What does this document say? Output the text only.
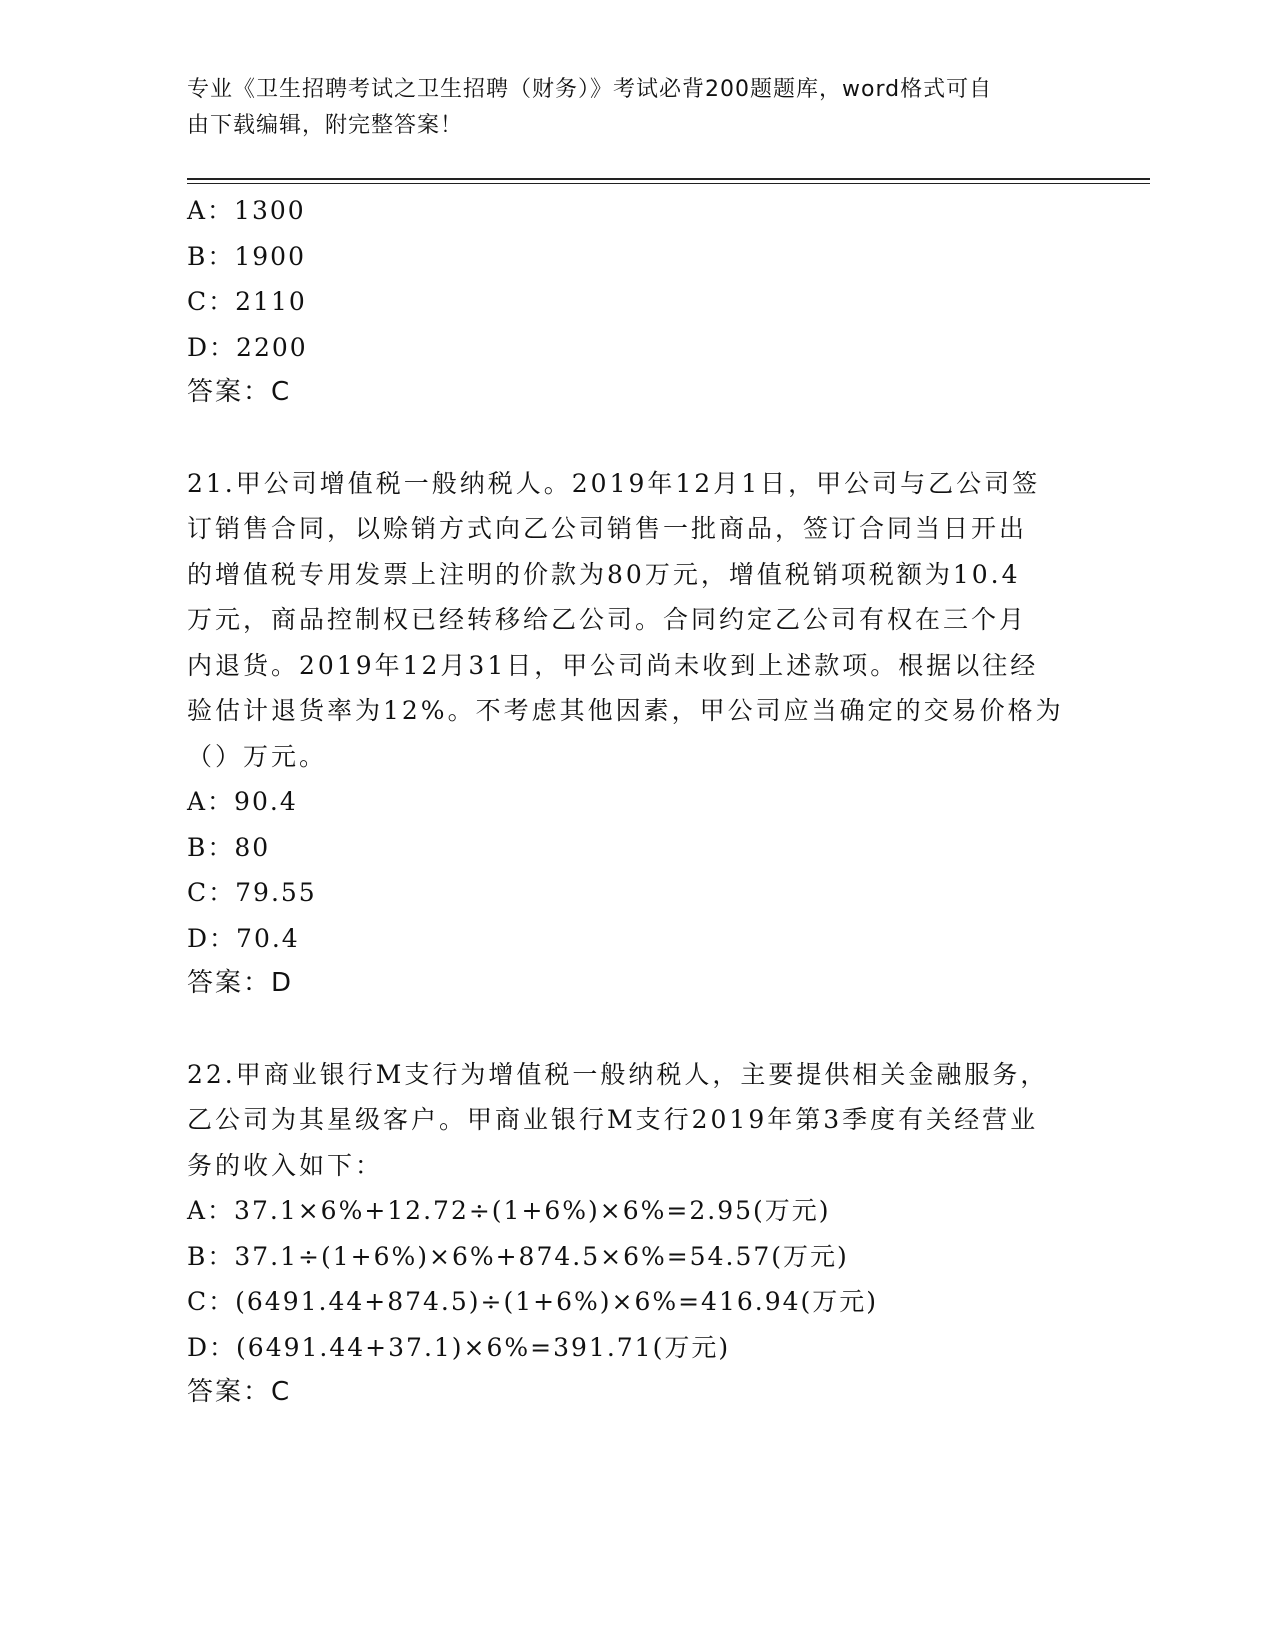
专业《卫生招聘考试之卫生招聘（财务）》考试必背200题题库，word格式可自
由下载编辑，附完整答案！

A：1300

B：1900

C：2110

D：2200

答案：C

21.甲公司增值税一般纳税人。2019年12月1日，甲公司与乙公司签

订销售合同，以赊销方式向乙公司销售一批商品，签订合同当日开出

的增值税专用发票上注明的价款为80万元，增值税销项税额为10.4

万元，商品控制权已经转移给乙公司。合同约定乙公司有权在三个月

内退货。2019年12月31日，甲公司尚未收到上述款项。根据以往经

验估计退货率为12%。不考虑其他因素，甲公司应当确定的交易价格为

（）万元。

A：90.4

B：80

C：79.55

D：70.4

答案：D

22.甲商业银行M支行为增值税一般纳税人，主要提供相关金融服务，

乙公司为其星级客户。甲商业银行M支行2019年第3季度有关经营业

务的收入如下：

A：37.1×6%+12.72÷(1+6%)×6%=2.95(万元)

B：37.1÷(1+6%)×6%+874.5×6%=54.57(万元)

C：(6491.44+874.5)÷(1+6%)×6%=416.94(万元)

D：(6491.44+37.1)×6%=391.71(万元)

答案：C
